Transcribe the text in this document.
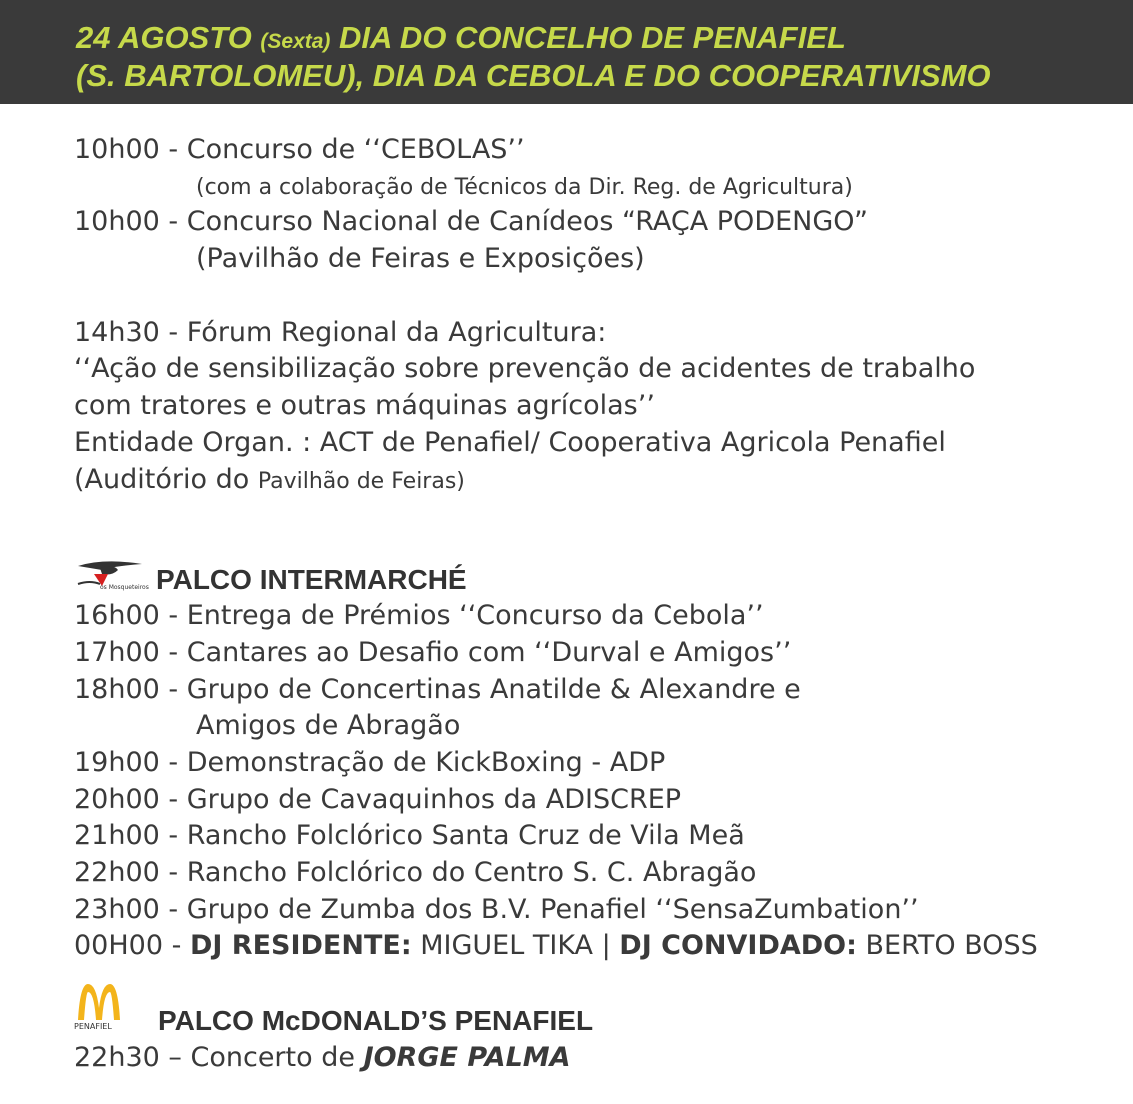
24 AGOSTO (Sexta) DIA DO CONCELHO DE PENAFIEL
(S. BARTOLOMEU), DIA DA CEBOLA E DO COOPERATIVISMO
10h00 - Concurso de ‘‘CEBOLAS’’
(com a colaboração de Técnicos da Dir. Reg. de Agricultura)
10h00 - Concurso Nacional de Canídeos “RAÇA PODENGO”
(Pavilhão de Feiras e Exposições)
14h30 - Fórum Regional da Agricultura:
‘‘Ação de sensibilização sobre prevenção de acidentes de trabalho
com tratores e outras máquinas agrícolas’’
Entidade Organ. : ACT de Penafiel/ Cooperativa Agricola Penafiel
(Auditório do Pavilhão de Feiras)
os Mosqueteiros PALCO INTERMARCHÉ
16h00 - Entrega de Prémios ‘‘Concurso da Cebola’’
17h00 - Cantares ao Desafio com ‘‘Durval e Amigos’’
18h00 - Grupo de Concertinas Anatilde & Alexandre e
Amigos de Abragão
19h00 - Demonstração de KickBoxing - ADP
20h00 - Grupo de Cavaquinhos da ADISCREP
21h00 - Rancho Folclórico Santa Cruz de Vila Meã
22h00 - Rancho Folclórico do Centro S. C. Abragão
23h00 - Grupo de Zumba dos B.V. Penafiel ‘‘SensaZumbation’’
00H00 - DJ RESIDENTE: MIGUEL TIKA | DJ CONVIDADO: BERTO BOSS
PENAFIEL PALCO McDONALD’S PENAFIEL
22h30 – Concerto de JORGE PALMA
